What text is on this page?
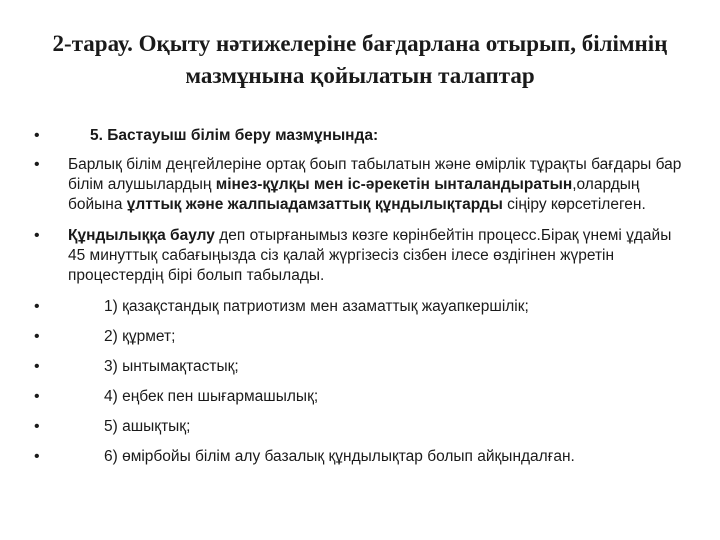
2-тарау. Оқыту нәтижелеріне бағдарлана отырып, білімнің
мазмұнына қойылатын талаптар
•	5. Бастауыш білім беру мазмұнында:
• Барлық білім деңгейлеріне ортақ боып табылатын және өмірлік тұрақты бағдары бар білім алушылардың мінез-құлқы мен іс-әрекетін ынталандыратын,олардың бойына ұлттық және жалпыадамзаттық құндылықтарды сіңіру көрсетілеген.
• Құндылыққа баулу деп отырғанымыз көзге көрінбейтін процесс.Бірақ үнемі ұдайы 45 минуттық сабағыңызда сіз қалай жүргізесіз сізбен ілесе өздігінен жүретін процестердің бірі болып табылады.
•	1) қазақстандық патриотизм мен азаматтық жауапкершілік;
•	2) құрмет;
•	3) ынтымақтастық;
•	4) еңбек пен шығармашылық;
•	5) ашықтық;
•	6) өмірбойы білім алу базалық құндылықтар болып айқындалған.
